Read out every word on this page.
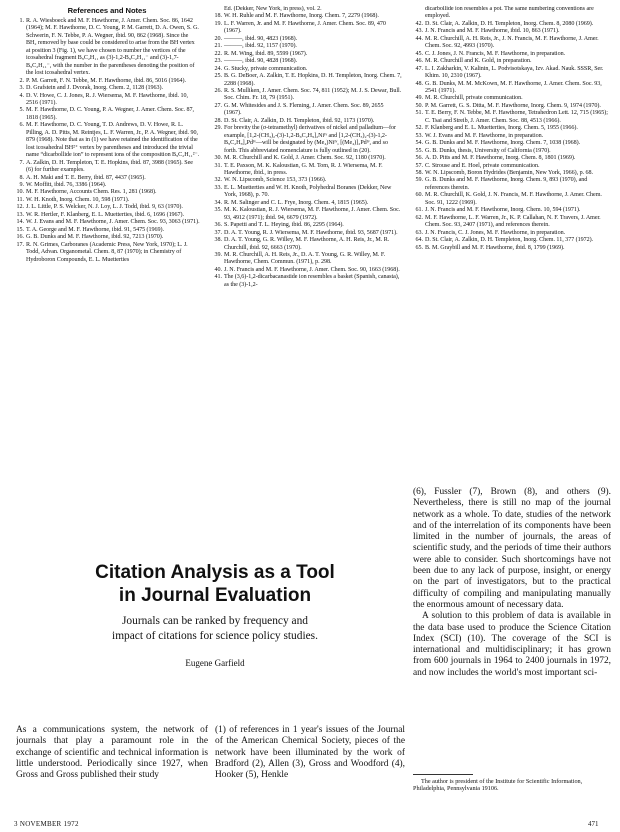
References and Notes
1. R. A. Wiesboeck and M. F. Hawthorne, J. Amer. Chem. Soc. 86, 1642 (1964); M. F. Hawthorne, D. C. Young, P. M. Garrett, D. A. Owen, S. G. Schwerin, F. N. Tebbe, P. A. Wegner, ibid. 90, 862 (1968). Since the BH₂ removed by base could be considered to arise from the BH vertex at position 3 (Fig. 1), we have chosen to number the vertices of the icosahedral fragment B₉C₂H₁₁ as (3)-1,2-B₉C₂H₁₁⁻ and (3)-1,7-B₉C₂H₁₁⁻, with the number in the parentheses denoting the position of the lost icosahedral vertex.
2. P. M. Garrett, F. N. Tebbe, M. F. Hawthorne, ibid. 86, 5016 (1964).
3. D. Grafstein and J. Dvorak, Inorg. Chem. 2, 1128 (1963).
4. D. V. Howe, C. J. Jones, R. J. Wiersema, M. F. Hawthorne, ibid. 10, 2516 (1971).
5. M. F. Hawthorne, D. C. Young, P. A. Wegner, J. Amer. Chem. Soc. 87, 1818 (1965).
6. M. F. Hawthorne, D. C. Young, T. D. Andrews, D. V. Howe, R. L. Pilling, A. D. Pitts, M. Reintjes, L. F. Warren, Jr., P. A. Wegner, ibid. 90, 879 (1968). Note that as in (1) we have retained the identification of the lost icosahedral BH²⁺ vertex by parentheses and introduced the trivial name “dicarbollide ion” to represent ions of the composition B₉C₂H₁₁²⁻.
7. A. Zalkin, D. H. Templeton, T. E. Hopkins, ibid. 87, 3988 (1965). See (6) for further examples.
8. A. H. Maki and T. E. Berry, ibid. 87, 4437 (1965).
9. W. Moffitt, ibid. 76, 3386 (1964).
10. M. F. Hawthorne, Accounts Chem. Res. 1, 281 (1968).
11. W. H. Knoth, Inorg. Chem. 10, 598 (1971).
12. J. L. Little, P. S. Welcker, N. J. Loy, L. J. Todd, ibid. 9, 63 (1970).
13. W. R. Hertler, F. Klanberg, E. L. Muetterties, ibid. 6, 1696 (1967).
14. W. J. Evans and M. F. Hawthorne, J. Amer. Chem. Soc. 93, 3063 (1971).
15. T. A. George and M. F. Hawthorne, ibid. 91, 5475 (1969).
16. G. B. Dunks and M. F. Hawthorne, ibid. 92, 7213 (1970).
17. R. N. Grimes, Carboranes (Academic Press, New York, 1970); L. J. Todd, Advan. Organometal. Chem. 8, 87 (1970); in Chemistry of Hydroboron Compounds, E. L. Muetterties
Ed. (Dekker, New York, in press), vol. 2.
18. W. H. Ruhle and M. F. Hawthorne, Inorg. Chem. 7, 2279 (1968).
19. L. F. Warren, Jr. and M. F. Hawthorne, J. Amer. Chem. Soc. 89, 470 (1967).
20. ———, ibid. 90, 4823 (1968).
21. ———, ibid. 92, 1157 (1970).
22. R. M. Wing, ibid. 89, 5599 (1967).
23. ———, ibid. 90, 4828 (1968).
24. G. Stucky, private communication.
25. B. G. DeBoer, A. Zalkin, T. E. Hopkins, D. H. Templeton, Inorg. Chem. 7, 2288 (1968).
26. R. S. Mulliken, J. Amer. Chem. Soc. 74, 811 (1952); M. J. S. Dewar, Bull. Soc. Chim. Fr. 18, 79 (1951).
27. G. M. Whitesides and J. S. Fleming, J. Amer. Chem. Soc. 89, 2655 (1967).
28. D. St. Clair, A. Zalkin, D. H. Templeton, ibid. 92, 1173 (1970).
29. For brevity the (σ-tetramethyl) derivatives of nickel and palladium—for example, [1,2-(CH₃)₂-(3)-1,2-B₉C₂H₉]₂Niᴵᵛ and [1,2-(CH₃)₂-(3)-1,2-B₉C₂H₉]₂Pdᴵᵛ—will be designated by (Me₄)Niᴵᵛ, [(Me₄)]₂Pdᴵᵛ, and so forth. This abbreviated nomenclature is fully outlined in (20).
30. M. R. Churchill and K. Gold, J. Amer. Chem. Soc. 92, 1180 (1970).
31. T. E. Paxson, M. K. Kaloustian, G. M. Tom, R. J. Wiersema, M. F. Hawthorne, ibid., in press.
32. W. N. Lipscomb, Science 153, 373 (1966).
33. E. L. Muetterties and W. H. Knoth, Polyhedral Boranes (Dekker, New York, 1968), p. 70.
34. R. M. Salinger and C. L. Frye, Inorg. Chem. 4, 1815 (1965).
35. M. K. Kaloustian, R. J. Wiersema, M. F. Hawthorne, J. Amer. Chem. Soc. 93, 4912 (1971); ibid. 94, 6679 (1972).
36. S. Papetti and T. L. Heying, ibid. 86, 2295 (1964).
37. D. A. T. Young, R. J. Wiersema, M. F. Hawthorne, ibid. 93, 5687 (1971).
38. D. A. T. Young, G. R. Willey, M. F. Hawthorne, A. H. Reis, Jr., M. R. Churchill, ibid. 92, 6663 (1970).
39. M. R. Churchill, A. H. Reis, Jr., D. A. T. Young, G. R. Willey, M. F. Hawthorne, Chem. Commun. (1971), p. 298.
40. J. N. Francis and M. F. Hawthorne, J. Amer. Chem. Soc. 90, 1663 (1968).
41. The (3,6)-1,2-dicarbacanastide ion resembles a basket (Spanish, canasta), as the (3)-1,2-
dicarbollide ion resembles a pot. The same numbering conventions are employed.
42. D. St. Clair, A. Zalkin, D. H. Templeton, Inorg. Chem. 8, 2080 (1969).
43. J. N. Francis and M. F. Hawthorne, ibid. 10, 863 (1971).
44. M. R. Churchill, A. H. Reis, Jr., J. N. Francis, M. F. Hawthorne, J. Amer. Chem. Soc. 92, 4993 (1970).
45. C. J. Jones, J. N. Francis, M. F. Hawthorne, in preparation.
46. M. R. Churchill and K. Gold, in preparation.
47. L. I. Zakharkin, V. Kalinin, L. Podvisotskaya, Izv. Akad. Nauk. SSSR, Ser. Khim. 10, 2310 (1967).
48. G. B. Dunks, M. M. McKown, M. F. Hawthorne, J. Amer. Chem. Soc. 93, 2541 (1971).
49. M. R. Churchill, private communication.
50. P. M. Garrett, G. S. Ditta, M. F. Hawthorne, Inorg. Chem. 9, 1974 (1970).
51. T. E. Berry, F. N. Tebbe, M. F. Hawthorne, Tetrahedron Lett. 12, 715 (1965); C. Tsai and Streib, J. Amer. Chem. Soc. 88, 4513 (1966).
52. F. Klanberg and E. L. Muetterties, Inorg. Chem. 5, 1955 (1966).
53. W. J. Evans and M. F. Hawthorne, in preparation.
54. G. B. Dunks and M. F. Hawthorne, Inorg. Chem. 7, 1038 (1968).
55. G. B. Dunks, thesis, University of California (1970).
56. A. D. Pitts and M. F. Hawthorne, Inorg. Chem. 8, 1801 (1969).
57. C. Strouse and E. Hoel, private communication.
58. W. N. Lipscomb, Boron Hydrides (Benjamin, New York, 1966), p. 68.
59. G. B. Dunks and M. F. Hawthorne, Inorg. Chem. 9, 893 (1970), and references therein.
60. M. R. Churchill, K. Gold, J. N. Francis, M. F. Hawthorne, J. Amer. Chem. Soc. 91, 1222 (1969).
61. J. N. Francis and M. F. Hawthorne, Inorg. Chem. 10, 594 (1971).
62. M. F. Hawthorne, L. F. Warren, Jr., K. P. Callahan, N. F. Travers, J. Amer. Chem. Soc. 93, 2407 (1971), and references therein.
63. J. N. Francis, C. J. Jones, M. F. Hawthorne, in preparation.
64. D. St. Clair, A. Zalkin, D. H. Templeton, Inorg. Chem. 11, 377 (1972).
65. B. M. Graybill and M. F. Hawthorne, ibid. 8, 1799 (1969).
Citation Analysis as a Tool
in Journal Evaluation
Journals can be ranked by frequency and
impact of citations for science policy studies.
Eugene Garfield

As a communications system, the network of journals that play a paramount role in the exchange of scientific and technical information is little understood. Periodically since 1927, when Gross and Gross published their study

(1) of references in 1 year's issues of the Journal of the American Chemical Society, pieces of the network have been illuminated by the work of Bradford (2), Allen (3), Gross and Woodford (4), Hooker (5), Henkle

(6), Fussler (7), Brown (8), and others (9). Nevertheless, there is still no map of the journal network as a whole. To date, studies of the network and of the interrelation of its components have been limited in the number of journals, the areas of scientific study, and the periods of time their authors were able to consider. Such shortcomings have not been due to any lack of purpose, insight, or energy on the part of investigators, but to the practical difficulty of compiling and manipulating manually the enormous amount of necessary data.

A solution to this problem of data is available in the data base used to produce the Science Citation Index (SCI) (10). The coverage of the SCI is international and multidisciplinary; it has grown from 600 journals in 1964 to 2400 journals in 1972, and now includes the world's most important sci-

The author is president of the Institute for Scientific Information, Philadelphia, Pennsylvania 19106.
3 NOVEMBER 1972	471
